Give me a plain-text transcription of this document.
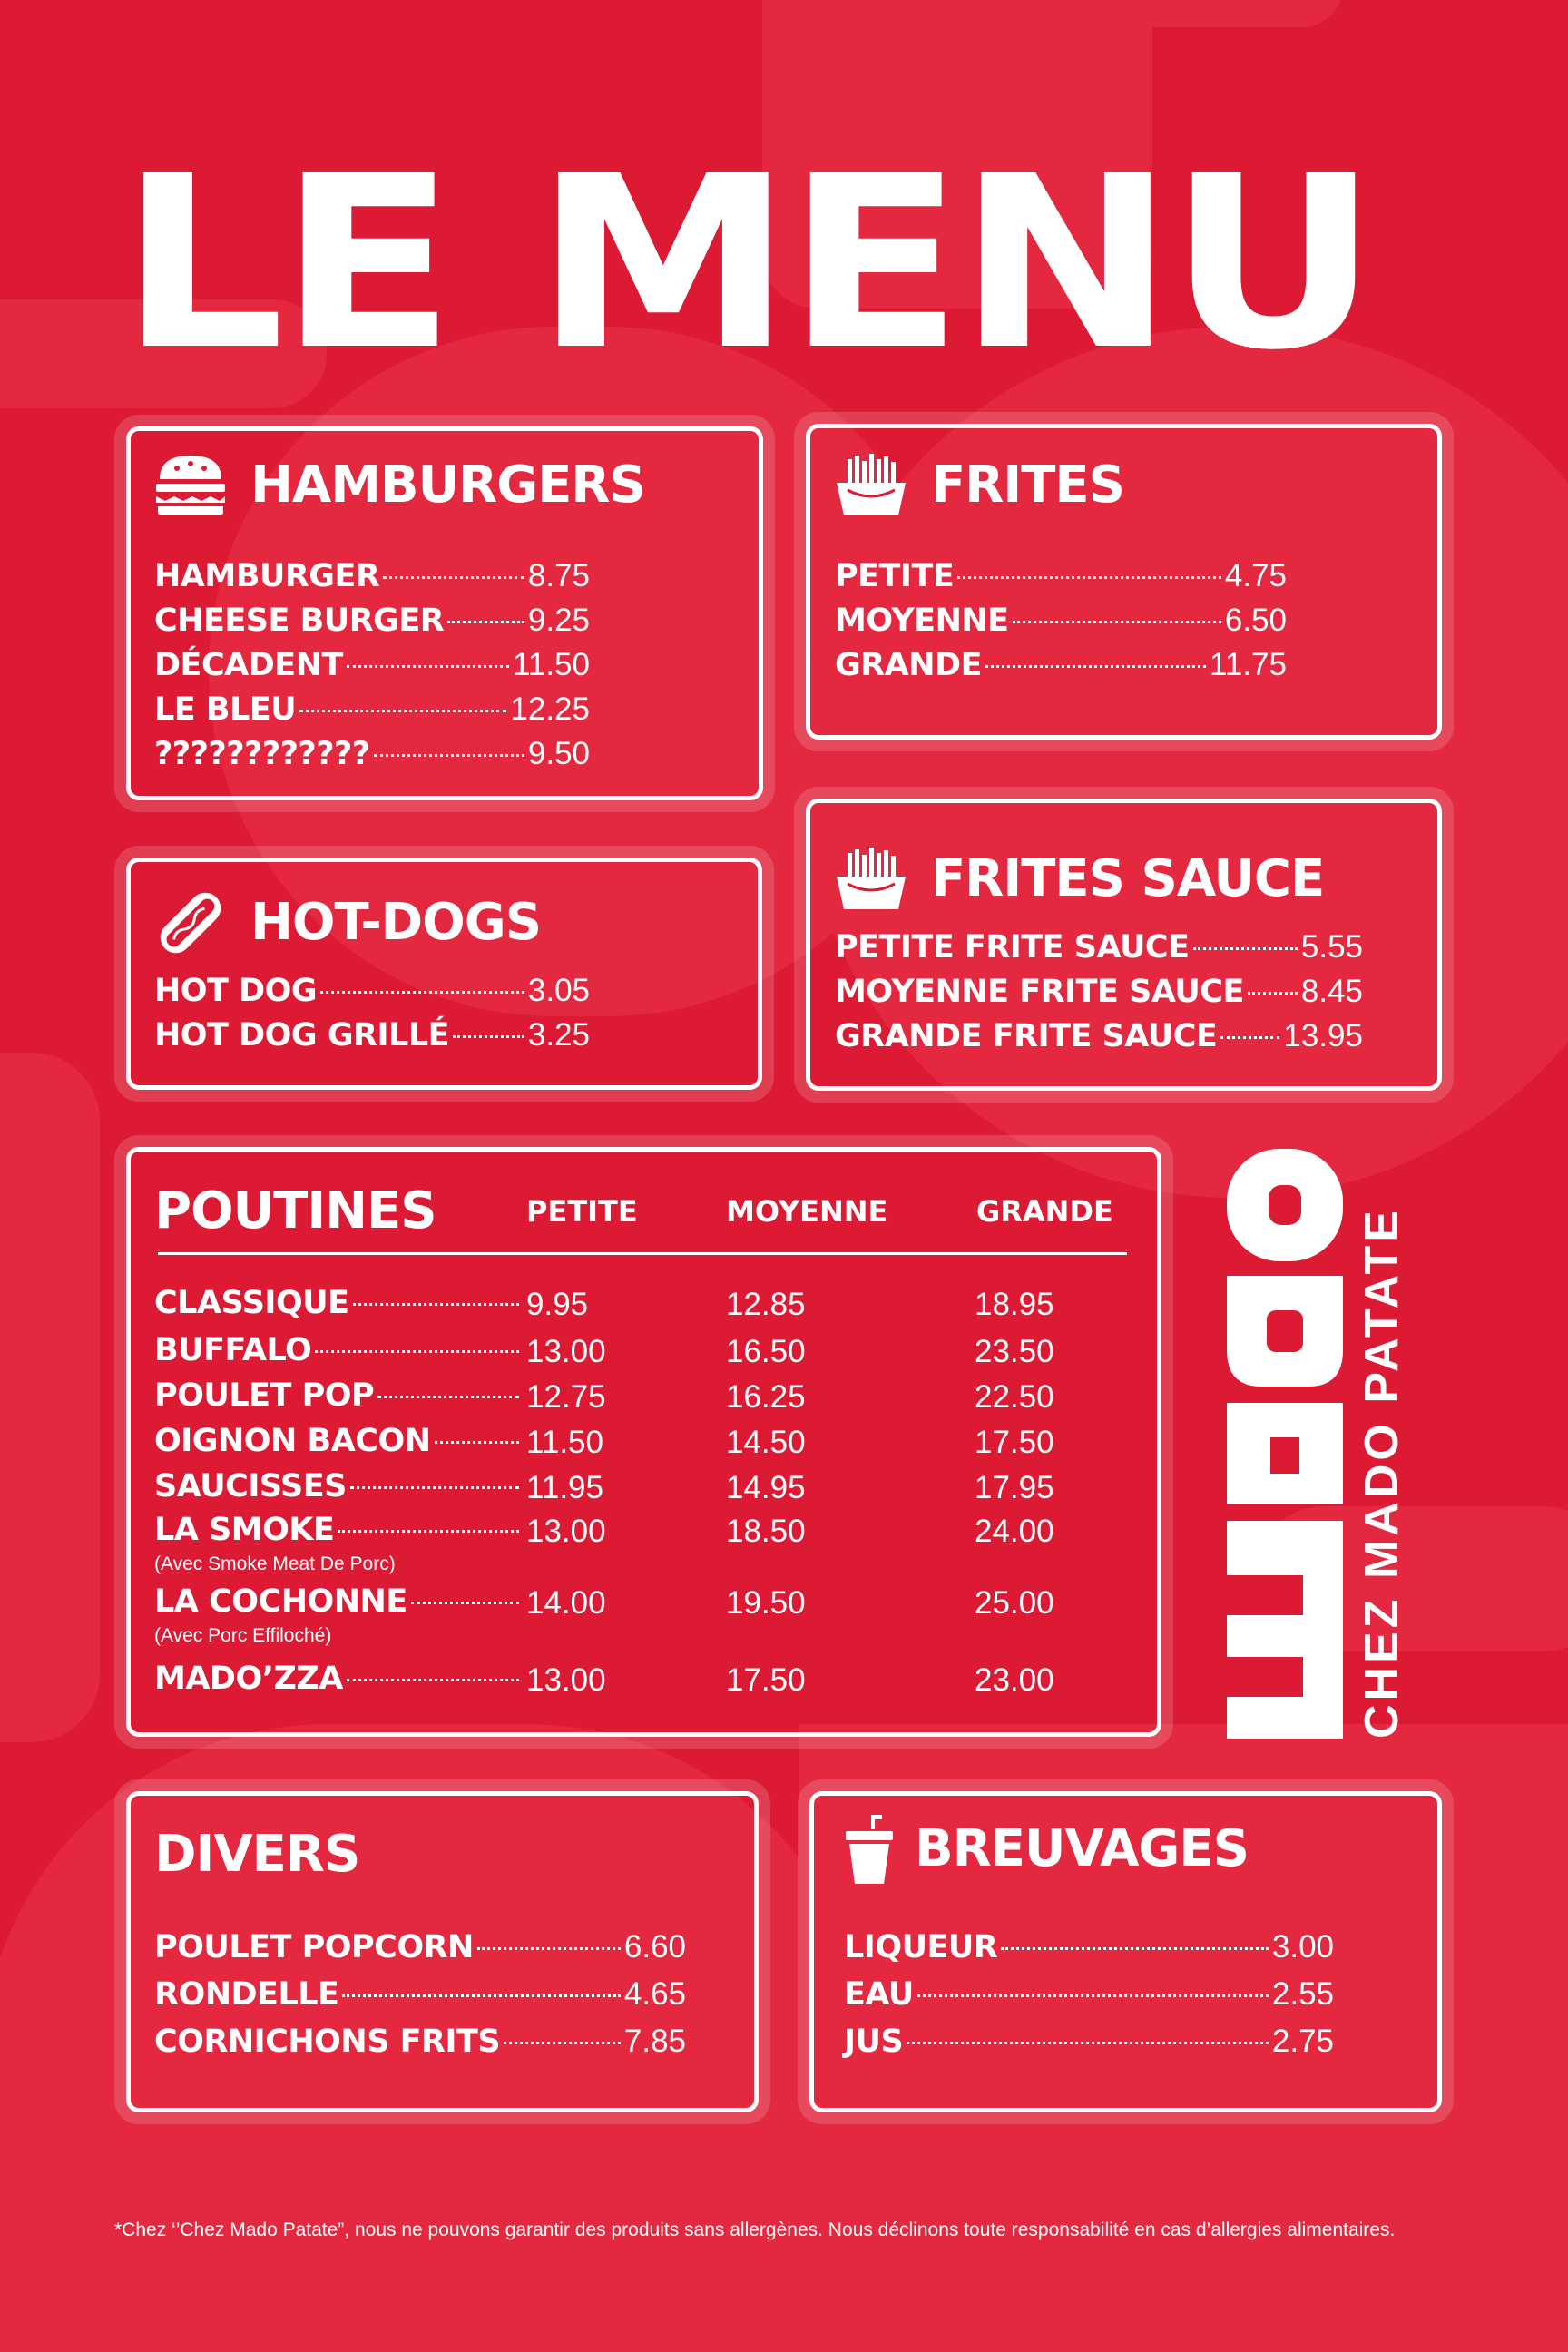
LE MENU
HAMBURGERS
HAMBURGER	8.75
CHEESE BURGER	9.25
DÉCADENT	11.50
LE BLEU	12.25
????????????	9.50
FRITES
PETITE	4.75
MOYENNE	6.50
GRANDE	11.75
HOT-DOGS
HOT DOG	3.05
HOT DOG GRILLÉ 3.25
FRITES SAUCE
PETITE FRITE SAUCE	5.55
MOYENNE FRITE SAUCE 8.45
GRANDE FRITE SAUCE 13.95
POUTINES	PETITE	MOYENNE	GRANDE
CLASSIQUE	9.95	12.85	18.95
BUFFALO	13.00	16.50	23.50
POULET POP	12.75	16.25	22.50
OIGNON BACON	11.50	14.50	17.50
SAUCISSES	11.95	14.95	17.95
LA SMOKE	13.00	18.50	24.00
(Avec Smoke Meat De Porc)
LA COCHONNE	14.00	19.50	25.00
(Avec Porc Effiloché)
MADO’ZZA	13.00	17.50	23.00	CHEZ MADO PATATE
DIVERS
POULET POPCORN	6.60
RONDELLE	4.65
CORNICHONS FRITS	7.85
BREUVAGES
LIQUEUR	3.00
EAU	2.55
JUS	2.75
*Chez ‘’Chez Mado Patate”, nous ne pouvons garantir des produits sans allergènes. Nous déclinons toute responsabilité en cas d’allergies alimentaires.
